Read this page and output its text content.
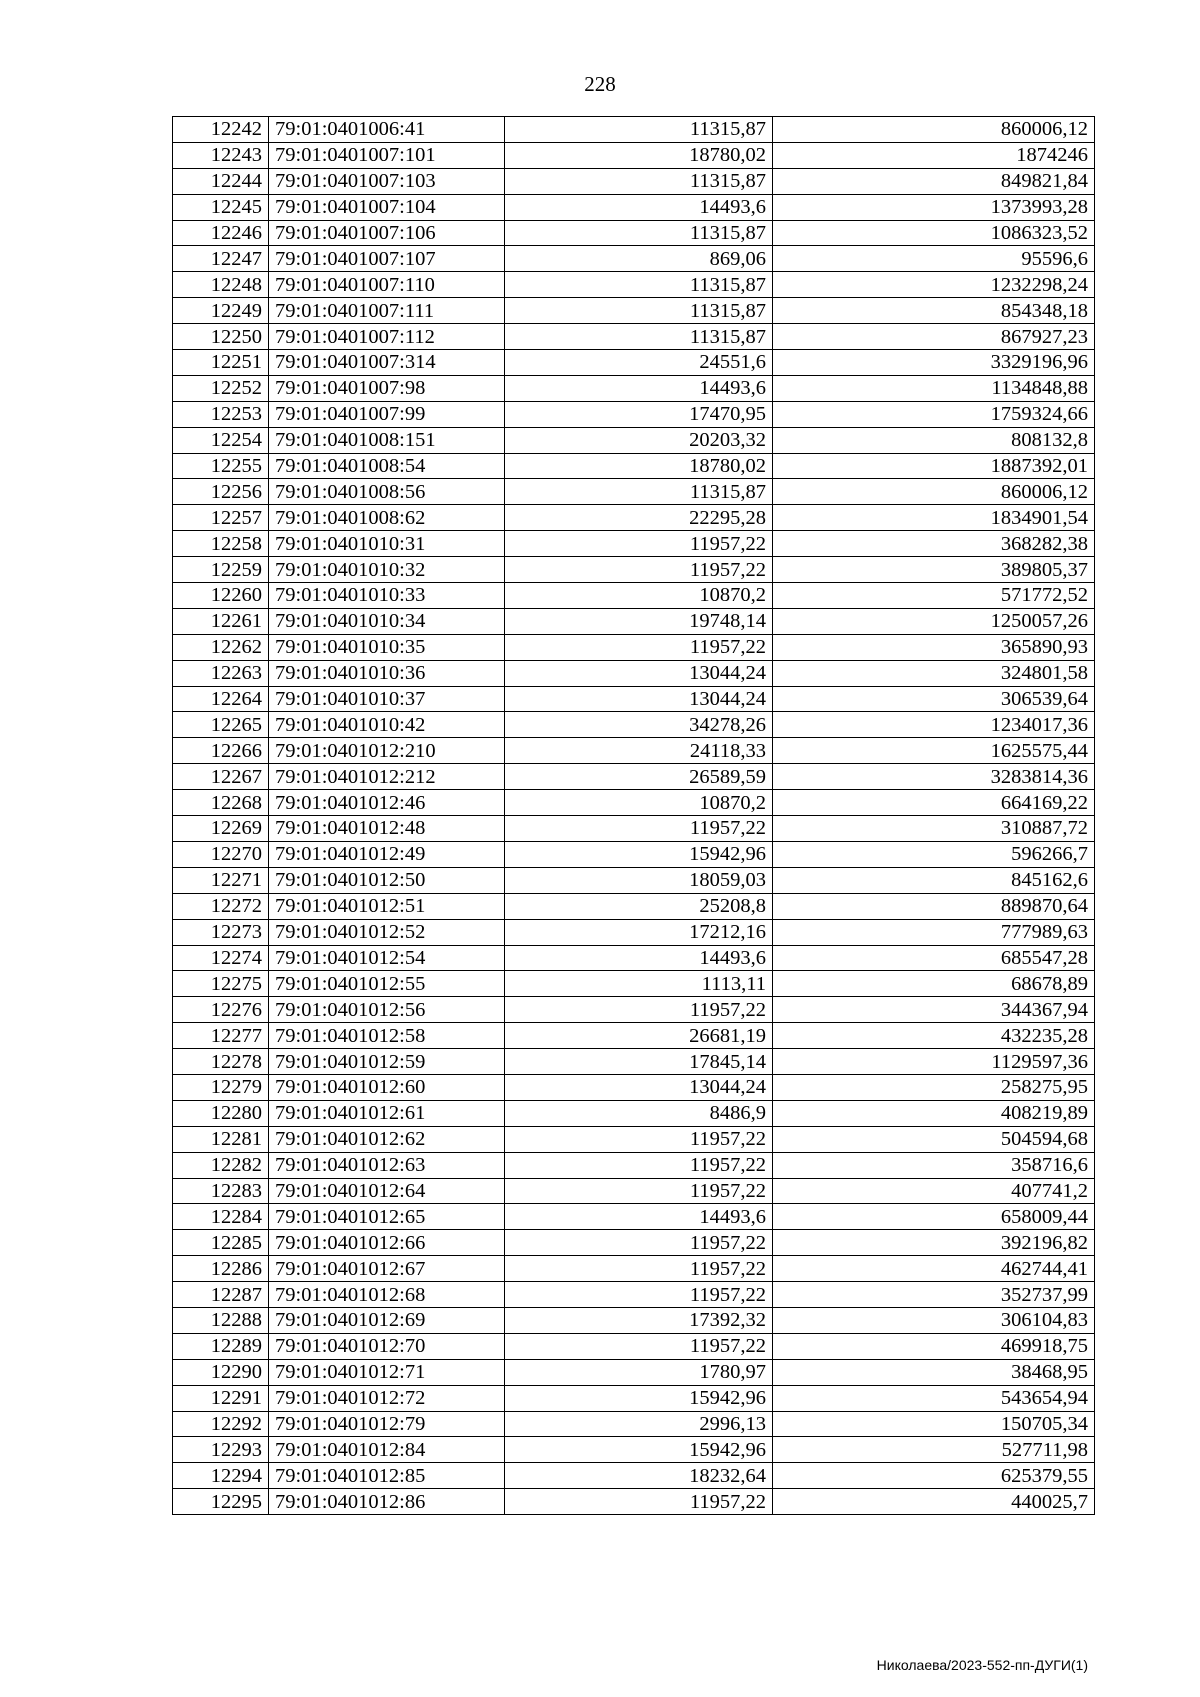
228
12242	79:01:0401006:41	11315,87	860006,12
12243	79:01:0401007:101	18780,02	1874246
12244	79:01:0401007:103	11315,87	849821,84
12245	79:01:0401007:104	14493,6	1373993,28
12246	79:01:0401007:106	11315,87	1086323,52
12247	79:01:0401007:107	869,06	95596,6
12248	79:01:0401007:110	11315,87	1232298,24
12249	79:01:0401007:111	11315,87	854348,18
12250	79:01:0401007:112	11315,87	867927,23
12251	79:01:0401007:314	24551,6	3329196,96
12252	79:01:0401007:98	14493,6	1134848,88
12253	79:01:0401007:99	17470,95	1759324,66
12254	79:01:0401008:151	20203,32	808132,8
12255	79:01:0401008:54	18780,02	1887392,01
12256	79:01:0401008:56	11315,87	860006,12
12257	79:01:0401008:62	22295,28	1834901,54
12258	79:01:0401010:31	11957,22	368282,38
12259	79:01:0401010:32	11957,22	389805,37
12260	79:01:0401010:33	10870,2	571772,52
12261	79:01:0401010:34	19748,14	1250057,26
12262	79:01:0401010:35	11957,22	365890,93
12263	79:01:0401010:36	13044,24	324801,58
12264	79:01:0401010:37	13044,24	306539,64
12265	79:01:0401010:42	34278,26	1234017,36
12266	79:01:0401012:210	24118,33	1625575,44
12267	79:01:0401012:212	26589,59	3283814,36
12268	79:01:0401012:46	10870,2	664169,22
12269	79:01:0401012:48	11957,22	310887,72
12270	79:01:0401012:49	15942,96	596266,7
12271	79:01:0401012:50	18059,03	845162,6
12272	79:01:0401012:51	25208,8	889870,64
12273	79:01:0401012:52	17212,16	777989,63
12274	79:01:0401012:54	14493,6	685547,28
12275	79:01:0401012:55	1113,11	68678,89
12276	79:01:0401012:56	11957,22	344367,94
12277	79:01:0401012:58	26681,19	432235,28
12278	79:01:0401012:59	17845,14	1129597,36
12279	79:01:0401012:60	13044,24	258275,95
12280	79:01:0401012:61	8486,9	408219,89
12281	79:01:0401012:62	11957,22	504594,68
12282	79:01:0401012:63	11957,22	358716,6
12283	79:01:0401012:64	11957,22	407741,2
12284	79:01:0401012:65	14493,6	658009,44
12285	79:01:0401012:66	11957,22	392196,82
12286	79:01:0401012:67	11957,22	462744,41
12287	79:01:0401012:68	11957,22	352737,99
12288	79:01:0401012:69	17392,32	306104,83
12289	79:01:0401012:70	11957,22	469918,75
12290	79:01:0401012:71	1780,97	38468,95
12291	79:01:0401012:72	15942,96	543654,94
12292	79:01:0401012:79	2996,13	150705,34
12293	79:01:0401012:84	15942,96	527711,98
12294	79:01:0401012:85	18232,64	625379,55
12295	79:01:0401012:86	11957,22	440025,7
Николаева/2023-552-пп-ДУГИ(1)
